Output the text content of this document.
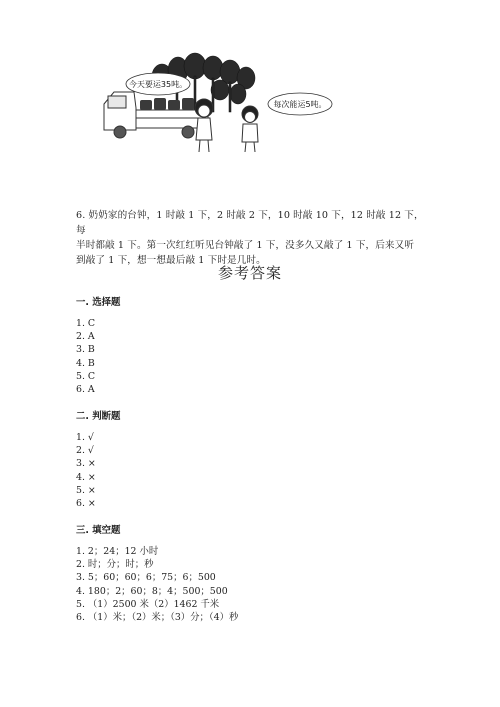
今天要运35吨。
每次能运5吨。

6. 奶奶家的台钟，1 时敲 1 下，2 时敲 2 下，10 时敲 10 下，12 时敲 12 下，每

半时都敲 1 下。第一次红红听见台钟敲了 1 下，没多久又敲了 1 下，后来又听

到敲了 1 下，想一想最后敲 1 下时是几时。

参考答案
一. 选择题
1. C
2. A
3. B
4. B
5. C
6. A
二. 判断题
1. √
2. √
3. ×
4. ×
5. ×
6. ×
三. 填空题
1. 2；24；12 小时
2. 时；分；时；秒
3. 5；60；60；6；75；6；500
4. 180；2；60；8；4；500；500
5. （1）2500 米（2）1462 千米
6. （1）米；（2）米；（3）分；（4）秒
